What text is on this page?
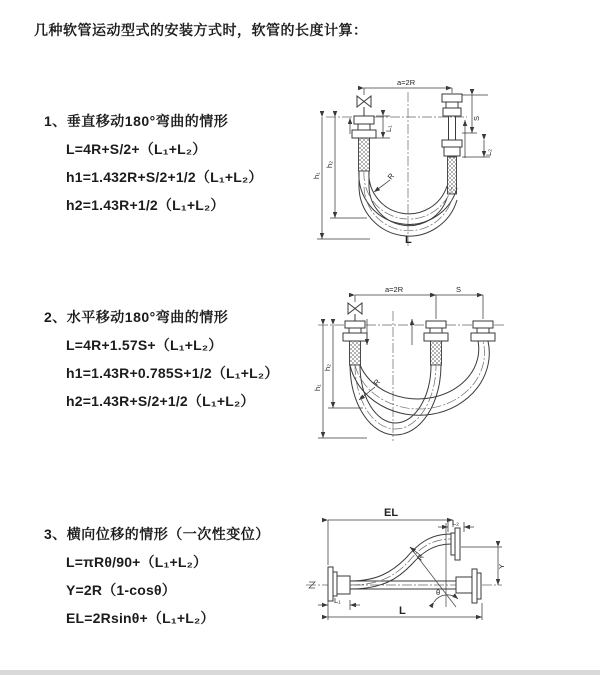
几种软管运动型式的安装方式时，软管的长度计算：
1、垂直移动180°弯曲的情形
L=4R+S/2+（L₁+L₂）
h1=1.432R+S/2+1/2（L₁+L₂）
h2=1.43R+1/2（L₁+L₂）
a=2R
L₁
S
L₂
R
h₁
h₂
L
2、水平移动180°弯曲的情形
L=4R+1.57S+（L₁+L₂）
h1=1.43R+0.785S+1/2（L₁+L₂）
h2=1.43R+S/2+1/2（L₁+L₂）
a=2R	S
R
h₁
h₂
3、横向位移的情形（一次性变位）
L=πRθ/90+（L₁+L₂）
Y=2R（1-cosθ）
EL=2Rsinθ+（L₁+L₂）
EL
L₂
θ
R
Y
L₁
L
